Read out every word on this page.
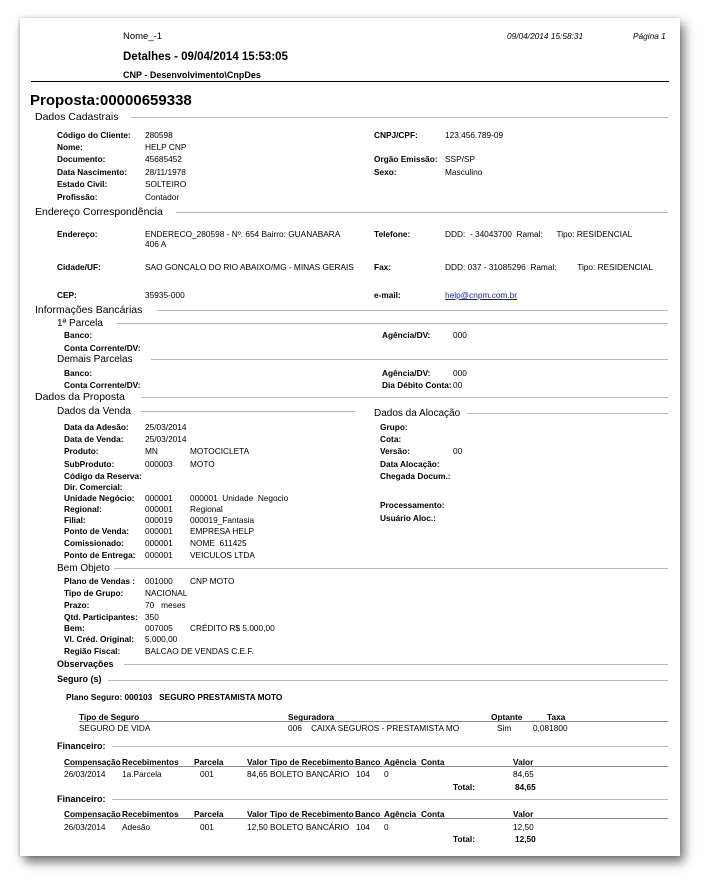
Nome_-1	09/04/2014 15:58:31	Página 1
Detalhes - 09/04/2014 15:53:05
CNP - Desenvolvimento\CnpDes
Proposta: 00000659338
Dados Cadastrais
Código do Cliente: 280598
Nome:	HELP CNP
Documento:	45685452
Data Nascimento: 28/11/1978
Estado Civil:	SOLTEIRO
Profissão:	Contador
CNPJ/CPF:	123.456.789-09
Orgão Emissão: SSP/SP
Sexo:	Masculino
Endereço Correspondência
Endereço:	ENDERECO_280598 - Nº. 654 Bairro: GUANABARA
406 A
Telefone:	DDD:  - 34043700  Ramal:      Tipo: RESIDENCIAL
Cidade/UF:	SAO GONCALO DO RIO ABAIXO/MG - MINAS GERAIS Fax:	DDD: 037 - 31085296  Ramal:         Tipo: RESIDENCIAL
CEP:	35935-000	e-mail:	help@cnpm.com.br
Informações Bancárias
1ª Parcela
Banco:
Conta Corrente/DV:
Agência/DV:	000
Demais Parcelas
Banco:
Conta Corrente/DV:
Agência/DV:	000
Dia Débito Conta: 00
Dados da Proposta
Dados da Venda	Dados da Alocação
Data da Adesão: 25/03/2014
Data de Venda:	25/03/2014
Produto:	MN	MOTOCICLETA
SubProduto:	000003 MOTO
Código da Reserva:
Dir. Comercial:
Unidade Negócio: 000001 000001  Unidade  Negocio
Regional:	000001 Regional
Filial:	000019 000019_Fantasia
Ponto de Venda: 000001 EMPRESA HELP
Comissionado:	000001 NOME  611425
Ponto de Entrega: 000001 VEICULOS LTDA
Grupo:
Cota:
Versão:	00
Data Alocação:
Chegada Docum.:
Processamento:
Usuário Aloc.:
Bem Objeto
Plano de Vendas : 001000 CNP MOTO
Tipo de Grupo:	NACIONAL
Prazo:	70   meses
Qtd. Participantes: 350
Bem:	007005 CRÉDITO R$ 5.000,00
Vl. Créd. Original: 5.000,00
Região Fiscal:	BALCAO DE VENDAS C.E.F.
Observações
Seguro (s)
Plano Seguro: 000103   SEGURO PRESTAMISTA MOTO
Tipo de Seguro	Seguradora	Optante	Taxa
SEGURO DE VIDA	006    CAIXA SEGUROS - PRESTAMISTA MO	Sim	0,081800
Financeiro:
Compensação Recebimentos Parcela	Valor Tipo de Recebimento Banco Agência Conta	Valor
26/03/2014 1a.Parcela	001	84,65 BOLETO BANCÁRIO 104 0	84,65
Total:	84,65
Financeiro:
Compensação Recebimentos Parcela	Valor Tipo de Recebimento Banco Agência Conta	Valor
26/03/2014 Adesão	001	12,50 BOLETO BANCÁRIO 104 0	12,50
Total:	12,50
